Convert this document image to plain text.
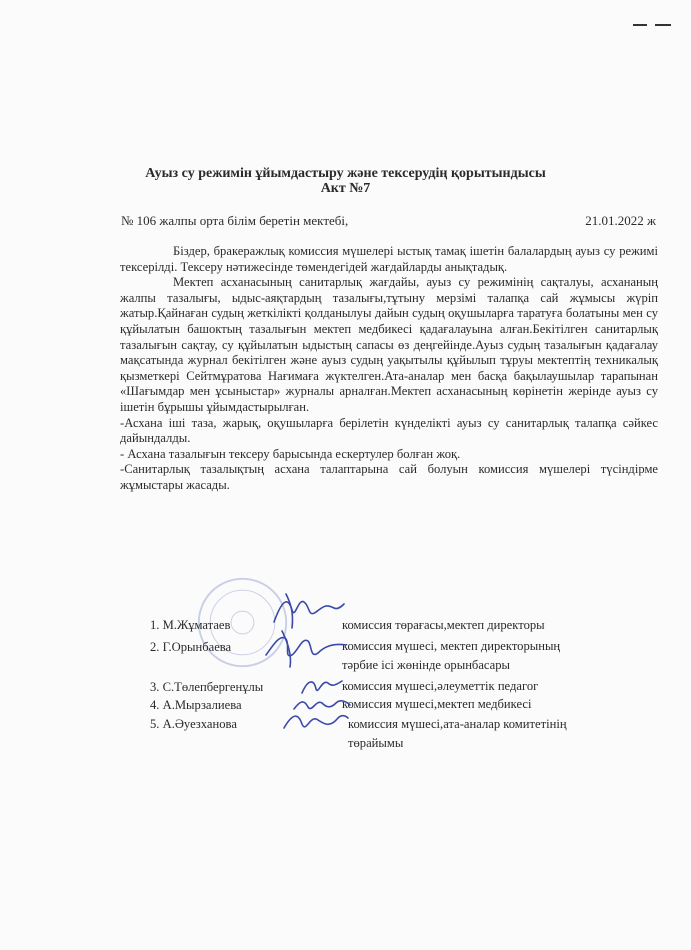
Ауыз су режимін ұйымдастыру және тексерудің қорытындысы
Акт №7
№ 106 жалпы орта білім беретін мектебі,	21.01.2022 ж

Біздер, бракеражлық комиссия мүшелері ыстық тамақ ішетін балалардың ауыз су режимі тексерілді. Тексеру нәтижесінде төмендегідей жағдайларды анықтадық.

Мектеп асханасының санитарлық жағдайы, ауыз су режимінің сақталуы, асхананың жалпы тазалығы, ыдыс-аяқтардың тазалығы,тұтыну мерзімі талапқа сай жұмысы жүріп жатыр.Қайнаған судың жеткілікті қолданылуы дайын судың оқушыларға таратуға болатыны мен су құйылатын башоктың тазалығын мектеп медбикесі қадағалауына алған.Бекітілген санитарлық тазалығын сақтау, су құйылатын ыдыстың сапасы өз деңгейінде.Ауыз судың тазалығын қадағалау мақсатында журнал бекітілген және ауыз судың уақытылы құйылып тұруы мектептің техникалық қызметкері Сейтмұратова Нағимаға жүктелген.Ата-аналар мен басқа бақылаушылар тарапынан «Шағымдар мен ұсыныстар» журналы арналған.Мектеп асханасының көрінетін жерінде ауыз су ішетін бұрышы ұйымдастырылған.

-Асхана іші таза, жарық, оқушыларға берілетін күнделікті ауыз су санитарлық талапқа сәйкес дайындалды.

- Асхана тазалығын тексеру барысында ескертулер болған жоқ.

-Санитарлық тазалықтың асхана талаптарына сай болуын комиссия мүшелері түсіндірме жұмыстары жасады.

1. М.Жұматаев	комиссия төрағасы,мектеп директоры
2. Г.Орынбаева	комиссия мүшесі, мектеп директорының
тәрбие ісі жөнінде орынбасары
3. С.Төлепбергенұлы	комиссия мүшесі,әлеуметтік педагог
4. А.Мырзалиева	комиссия мүшесі,мектеп медбикесі
5. А.Әуезханова	комиссия мүшесі,ата-аналар комитетінің
төрайымы
